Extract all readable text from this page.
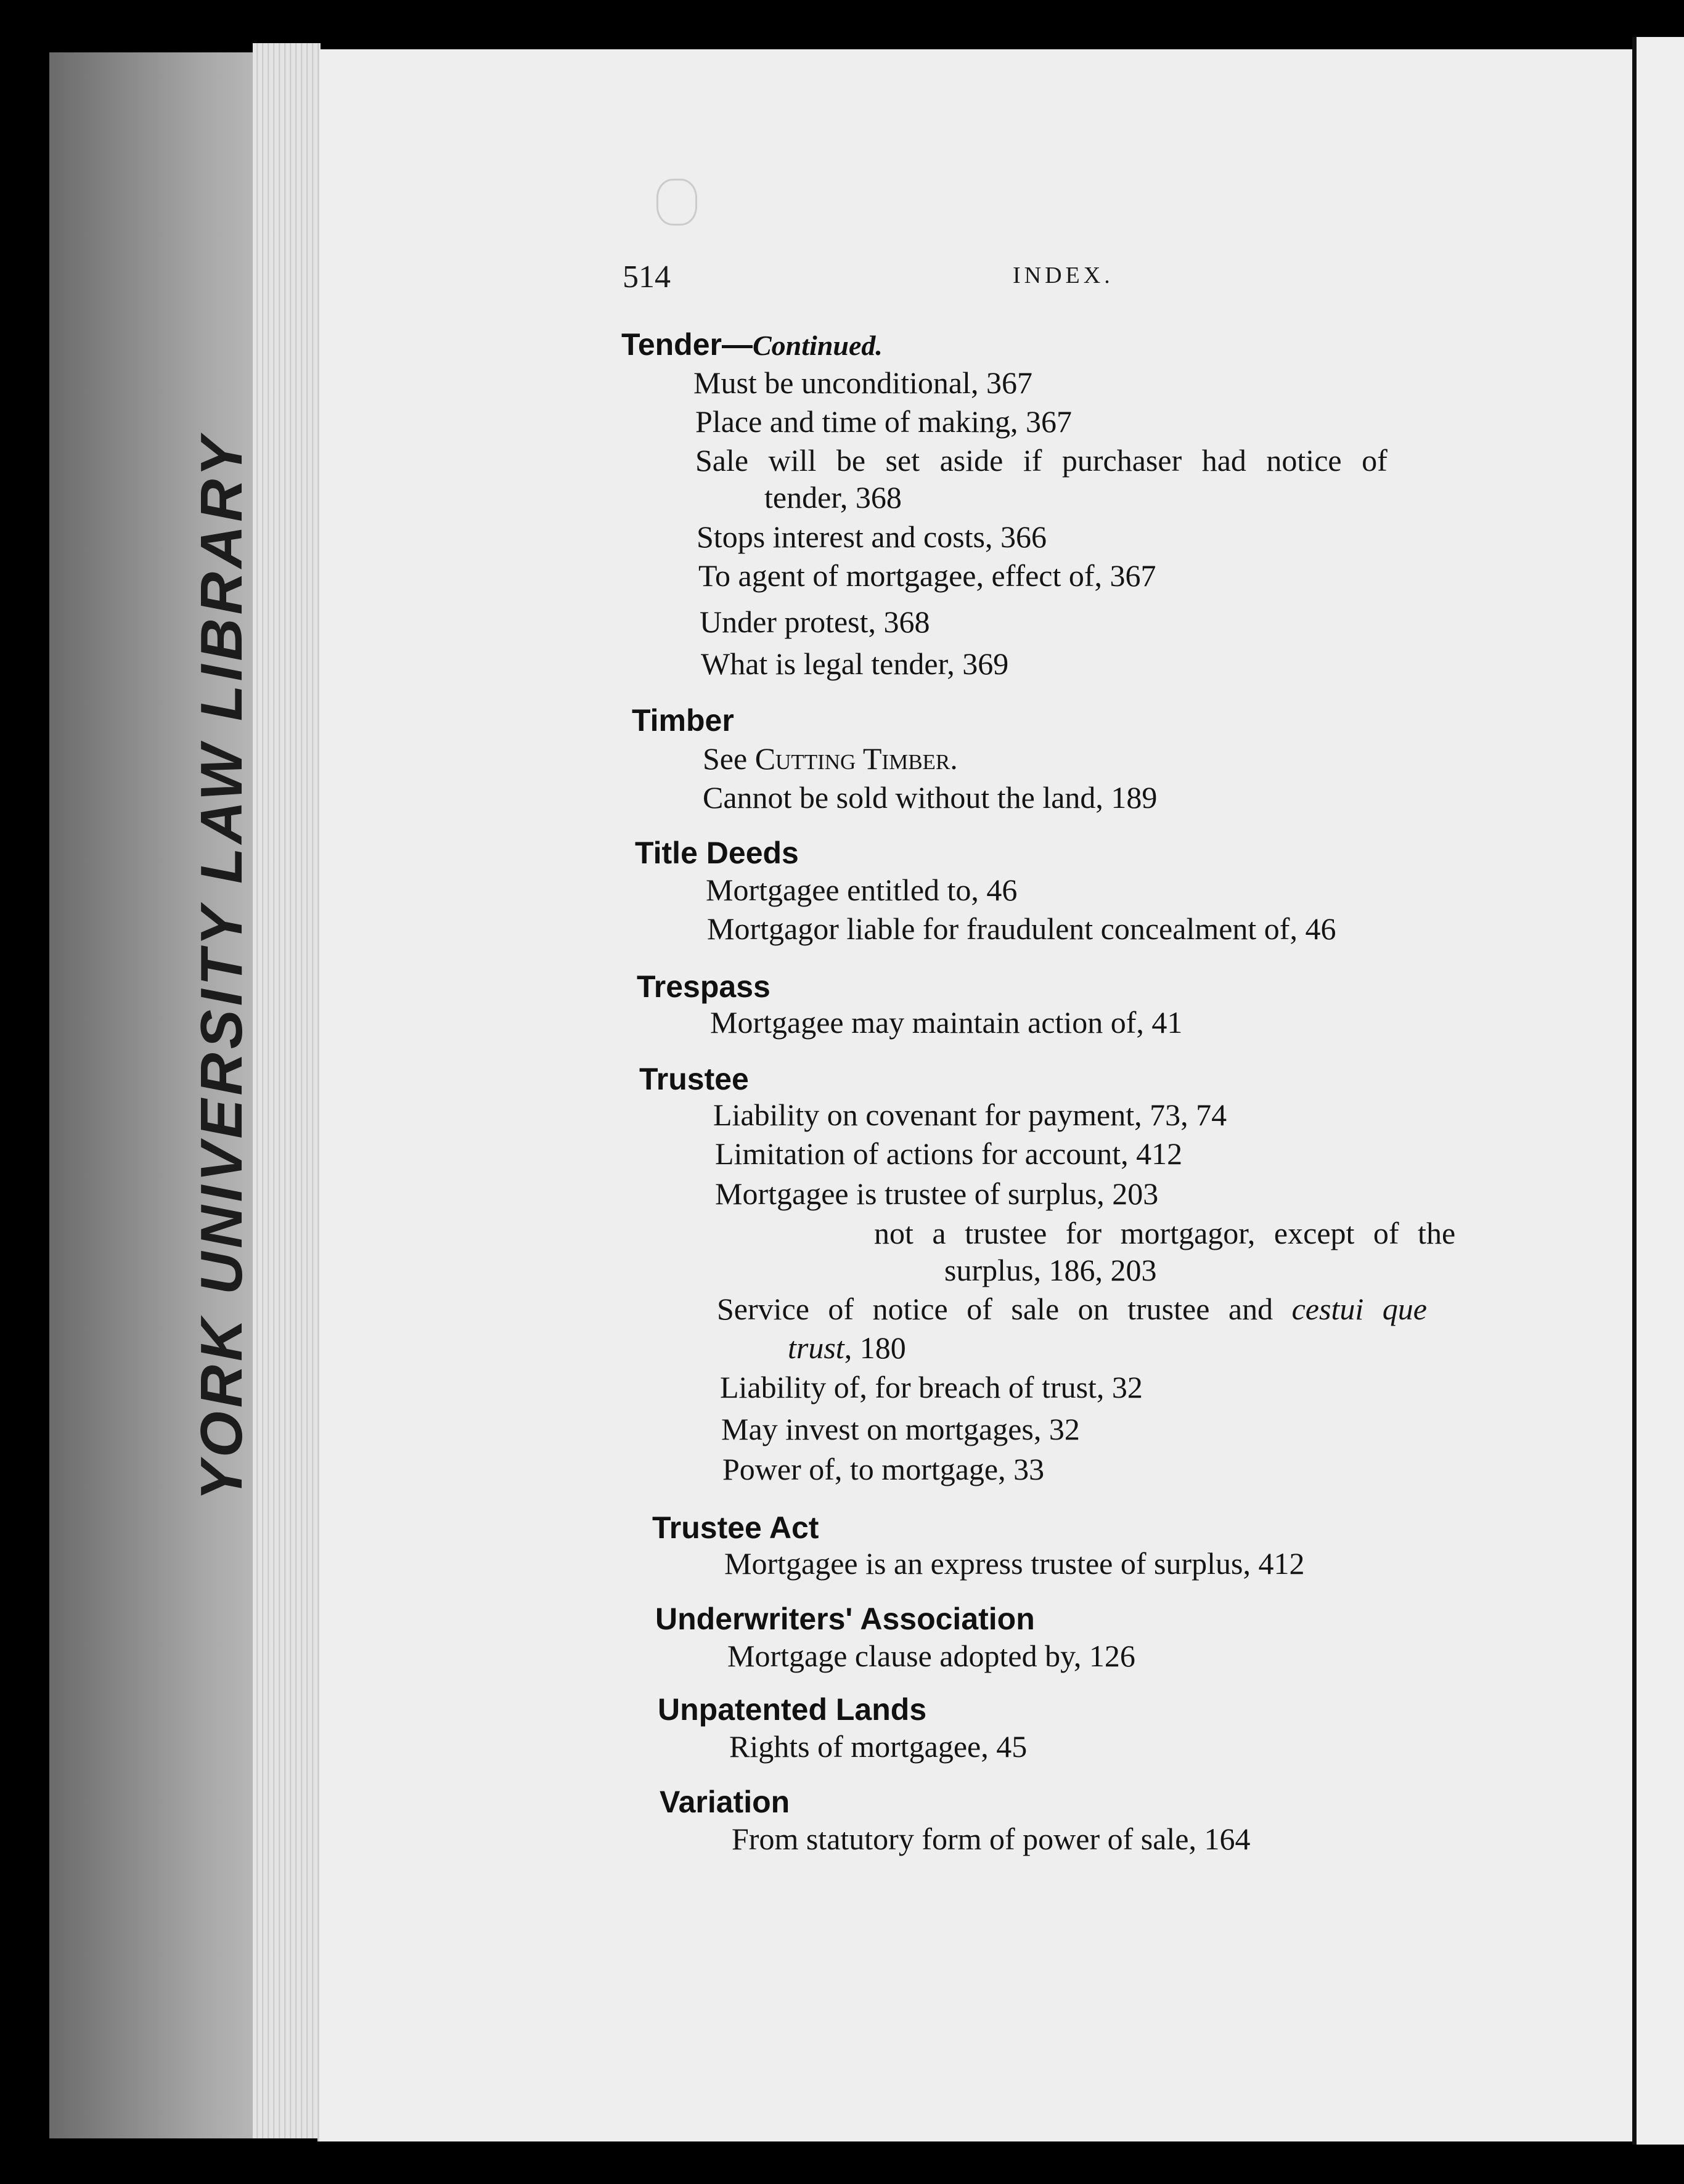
YORK UNIVERSITY LAW LIBRARY
514	INDEX.
Tender—Continued.
Must be unconditional, 367
Place and time of making, 367
Sale will be set aside if purchaser had notice of
tender, 368
Stops interest and costs, 366
To agent of mortgagee, effect of, 367
Under protest, 368
What is legal tender, 369
Timber
See Cutting Timber.
Cannot be sold without the land, 189
Title Deeds
Mortgagee entitled to, 46
Mortgagor liable for fraudulent concealment of, 46
Trespass
Mortgagee may maintain action of, 41
Trustee
Liability on covenant for payment, 73, 74
Limitation of actions for account, 412
Mortgagee is trustee of surplus, 203
not a trustee for mortgagor, except of the
surplus, 186, 203
Service of notice of sale on trustee and cestui que
trust, 180
Liability of, for breach of trust, 32
May invest on mortgages, 32
Power of, to mortgage, 33
Trustee Act
Mortgagee is an express trustee of surplus, 412
Underwriters' Association
Mortgage clause adopted by, 126
Unpatented Lands
Rights of mortgagee, 45
Variation
From statutory form of power of sale, 164
